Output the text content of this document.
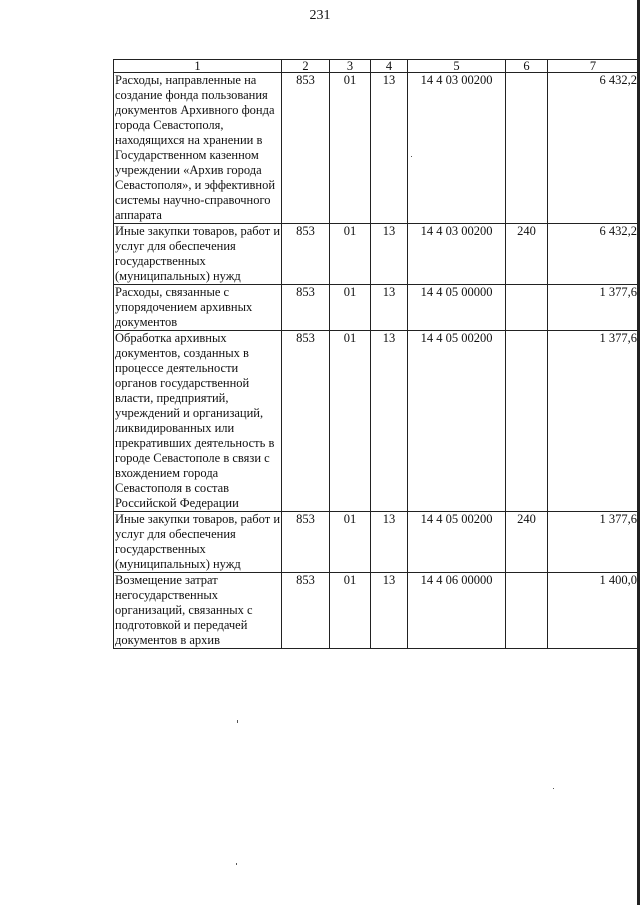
231
1	2	3	4	5	6	7
Расходы, направленные на создание фонда пользования документов Архивного фонда города Севастополя, находящихся на хранении в Государственном казенном учреждении «Архив города Севастополя», и эффективной системы научно-справочного аппарата	853	01	13	14 4 03 00200		6 432,2
Иные закупки товаров, работ и услуг для обеспечения государственных (муниципальных) нужд	853	01	13	14 4 03 00200	240	6 432,2
Расходы, связанные с упорядочением архивных документов	853	01	13	14 4 05 00000		1 377,6
Обработка архивных документов, созданных в процессе деятельности органов государственной власти, предприятий, учреждений и организаций, ликвидированных или прекративших деятельность в городе Севастополе в связи с вхождением города Севастополя в состав Российской Федерации	853	01	13	14 4 05 00200		1 377,6
Иные закупки товаров, работ и услуг для обеспечения государственных (муниципальных) нужд	853	01	13	14 4 05 00200	240	1 377,6
Возмещение затрат негосударственных организаций, связанных с подготовкой и передачей документов в архив	853	01	13	14 4 06 00000		1 400,0
